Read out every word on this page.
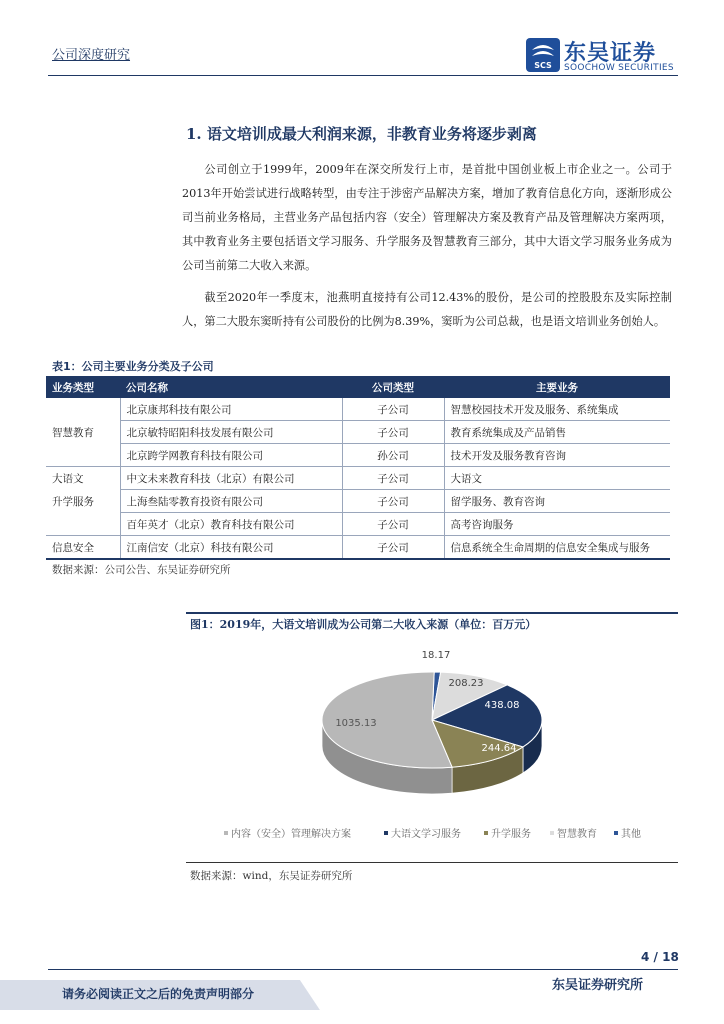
公司深度研究
SCS 东吴证券
SOOCHOW SECURITIES
1. 语文培训成最大利润来源，非教育业务将逐步剥离
公司创立于1999年，2009年在深交所发行上市，是首批中国创业板上市企业之一。公司于2013年开始尝试进行战略转型，由专注于涉密产品解决方案，增加了教育信息化方向，逐渐形成公司当前业务格局，主营业务产品包括内容（安全）管理解决方案及教育产品及管理解决方案两项，其中教育业务主要包括语文学习服务、升学服务及智慧教育三部分，其中大语文学习服务业务成为公司当前第二大收入来源。
截至2020年一季度末，池燕明直接持有公司12.43%的股份，是公司的控股股东及实际控制人，第二大股东窦昕持有公司股份的比例为8.39%，窦昕为公司总裁，也是语文培训业务创始人。
表1：公司主要业务分类及子公司
业务类型	公司名称	公司类型	主要业务
智慧教育	北京康邦科技有限公司	子公司	智慧校园技术开发及服务、系统集成
	北京敏特昭阳科技发展有限公司	子公司	教育系统集成及产品销售
	北京跨学网教育科技有限公司	孙公司	技术开发及服务教育咨询
大语文	中文未来教育科技（北京）有限公司	子公司	大语文
升学服务	上海叁陆零教育投资有限公司	子公司	留学服务、教育咨询
	百年英才（北京）教育科技有限公司	子公司	高考咨询服务
信息安全	江南信安（北京）科技有限公司	子公司	信息系统全生命周期的信息安全集成与服务
数据来源：公司公告、东吴证券研究所
图1：2019年，大语文培训成为公司第二大收入来源（单位：百万元）
18.17
208.23
438.08
244.64
1035.13
内容（安全）管理解决方案	大语文学习服务	升学服务	智慧教育 其他
数据来源：wind，东吴证券研究所
4 / 18
请务必阅读正文之后的免责声明部分
东吴证券研究所
